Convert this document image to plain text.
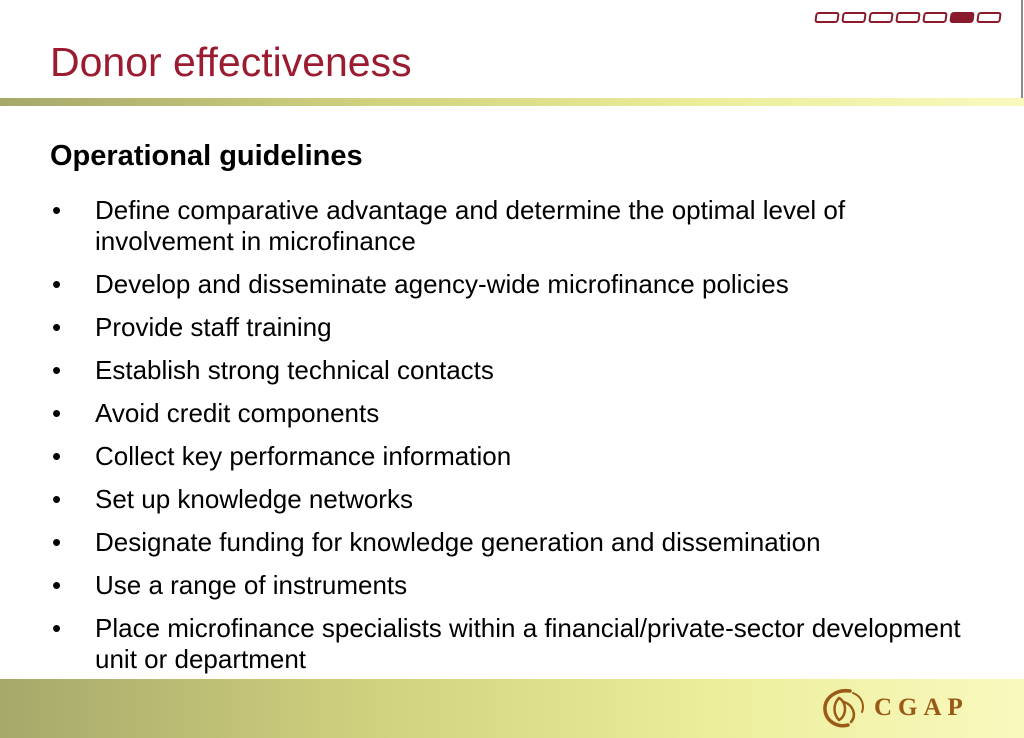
Donor effectiveness
Operational guidelines
•	Define comparative advantage and determine the optimal level of involvement in microfinance
•	Develop and disseminate agency-wide microfinance policies
•	Provide staff training
•	Establish strong technical contacts
•	Avoid credit components
•	Collect key performance information
•	Set up knowledge networks
•	Designate funding for knowledge generation and dissemination
•	Use a range of instruments
•	Place microfinance specialists within a financial/private-sector development unit or department
CGAP
